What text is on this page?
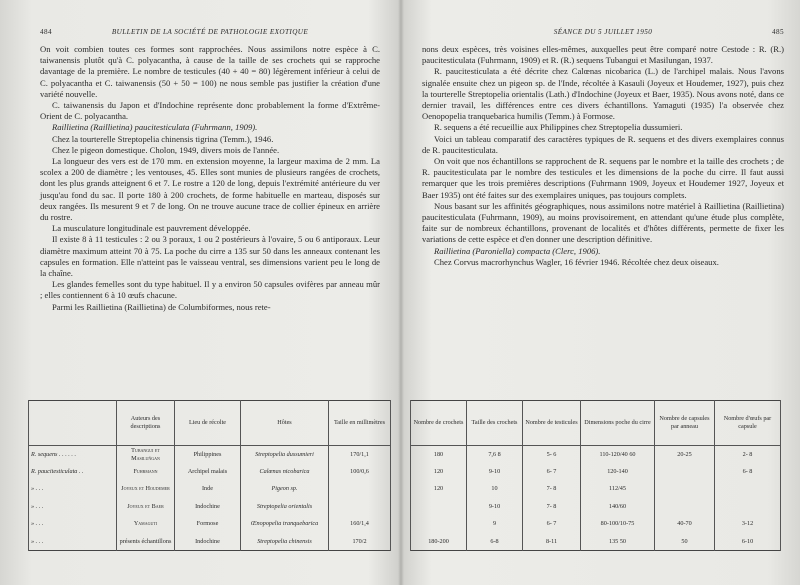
484	BULLETIN DE LA SOCIÉTÉ DE PATHOLOGIE EXOTIQUE

On voit combien toutes ces formes sont rapprochées. Nous assimilons notre espèce à C. taiwanensis plutôt qu'à C. polyacantha, à cause de la taille de ses crochets qui se rapproche davantage de la première. Le nombre de testicules (40 + 40 = 80) légèrement inférieur à celui de C. polyacantha et C. taiwanensis (50 + 50 = 100) ne nous semble pas justifier la création d'une variété nouvelle.

C. taiwanensis du Japon et d'Indochine représente donc probablement la forme d'Extrême-Orient de C. polyacantha.

Raillietina (Raillietina) paucitesticulata (Fuhrmann, 1909).

Chez la tourterelle Streptopelia chinensis tigrina (Temm.), 1946.

Chez le pigeon domestique. Cholon, 1949, divers mois de l'année.

La longueur des vers est de 170 mm. en extension moyenne, la largeur maxima de 2 mm. La scolex a 200 de diamètre ; les ventouses, 45. Elles sont munies de plusieurs rangées de crochets, dont les plus grands atteignent 6 et 7. Le rostre a 120 de long, depuis l'extrémité antérieure du ver jusqu'au fond du sac. Il porte 180 à 200 crochets, de forme habituelle en marteau, disposés sur deux rangées. Ils mesurent 9 et 7 de long. On ne trouve aucune trace de collier épineux en arrière du rostre.

La musculature longitudinale est pauvrement développée.

Il existe 8 à 11 testicules : 2 ou 3 poraux, 1 ou 2 postérieurs à l'ovaire, 5 ou 6 antiporaux. Leur diamètre maximum atteint 70 à 75. La poche du cirre a 135 sur 50 dans les anneaux contenant les capsules en formation. Elle n'atteint pas le vaisseau ventral, ses dimensions varient peu le long de la chaîne.

Les glandes femelles sont du type habituel. Il y a environ 50 capsules ovifères par anneau mûr ; elles contiennent 6 à 10 œufs chacune.

Parmi les Raillietina (Raillietina) de Columbiformes, nous rete-

	Auteurs des descriptions	Lieu de récolte	Hôtes	Taille en millimètres
R. sequens . . . . . .	Tubangui et Masiluñgan	Philippines	Streptopelia dussumieri	170/1,1
R. paucitesticulata . .	Fuhrmann	Archipel malais	Calœnas nicobarica	100/0,6
» . . .	Joyeux et Houdemer	Inde	Pigeon sp.	
» . . .	Joyeux et Baer	Indochine	Streptopelia orientalis	
» . . .	Yamaguti	Formose	Œnopopelia tranquebarica	160/1,4
» . . .	présents échantillons	Indochine	Streptopelia chinensis	170/2
SÉANCE DU 5 JUILLET 1950	485

nons deux espèces, très voisines elles-mêmes, auxquelles peut être comparé notre Cestode : R. (R.) paucitesticulata (Fuhrmann, 1909) et R. (R.) sequens Tubangui et Masilungan, 1937.

R. paucitesticulata a été décrite chez Calœnas nicobarica (L.) de l'archipel malais. Nous l'avons signalée ensuite chez un pigeon sp. de l'Inde, récoltée à Kasauli (Joyeux et Houdemer, 1927), puis chez la tourterelle Streptopelia orientalis (Lath.) d'Indochine (Joyeux et Baer, 1935). Nous avons noté, dans ce dernier travail, les différences entre ces divers échantillons. Yamaguti (1935) l'a observée chez Oenopopelia tranquebarica humilis (Temm.) à Formose.

R. sequens a été recueillie aux Philippines chez Streptopelia dussumieri.

Voici un tableau comparatif des caractères typiques de R. sequens et des divers exemplaires connus de R. paucitesticulata.

On voit que nos échantillons se rapprochent de R. sequens par le nombre et la taille des crochets ; de R. paucitesticulata par le nombre des testicules et les dimensions de la poche du cirre. Il faut aussi remarquer que les trois premières descriptions (Fuhrmann 1909, Joyeux et Houdemer 1927, Joyeux et Baer 1935) ont été faites sur des exemplaires uniques, pas toujours complets.

Nous basant sur les affinités géographiques, nous assimilons notre matériel à Raillietina (Raillietina) paucitesticulata (Fuhrmann, 1909), au moins provisoirement, en attendant qu'une étude plus complète, faite sur de nombreux échantillons, provenant de localités et d'hôtes différents, permette de fixer les variations de cette espèce et d'en donner une description définitive.

Raillietina (Paroniella) compacta (Clerc, 1906).

Chez Corvus macrorhynchus Wagler, 16 février 1946. Récoltée chez deux oiseaux.

Nombre de crochets	Taille des crochets	Nombre de testicules	Dimensions poche du cirre	Nombre de capsules par anneau	Nombre d'œufs par capsule
180	7,6 8	5- 6	110-120/40 60	20-25	2- 8
120	9-10	6- 7	120-140		6- 8
120	10	7- 8	112/45		
	9-10	7- 8	140/60		
	9	6- 7	80-100/10-75	40-70	3-12
180-200	6-8	8-11	135 50	50	6-10
